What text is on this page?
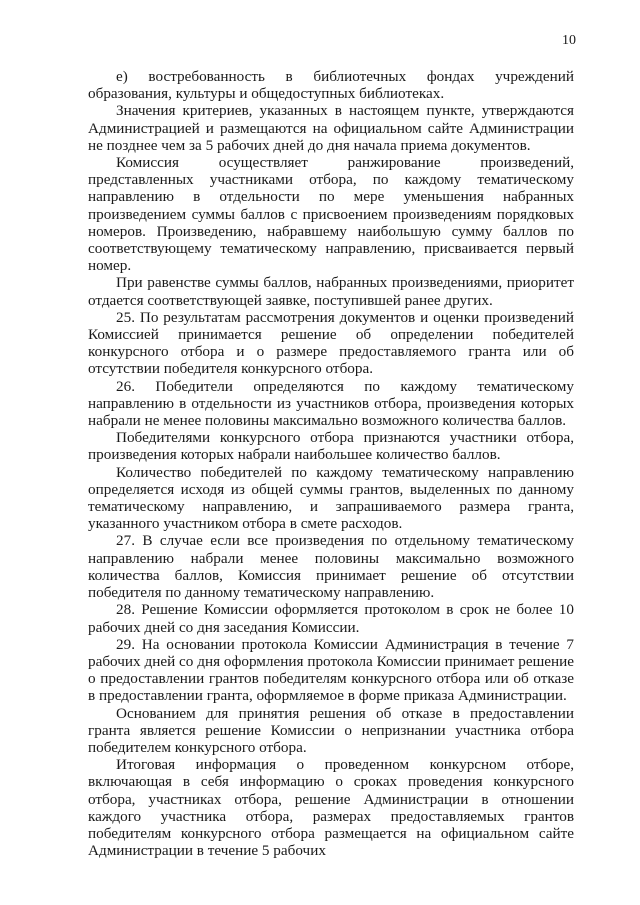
10

е) востребованность в библиотечных фондах учреждений образования, культуры и общедоступных библиотеках.

Значения критериев, указанных в настоящем пункте, утверждаются Администрацией и размещаются на официальном сайте Администрации не позднее чем за 5 рабочих дней до дня начала приема документов.

Комиссия осуществляет ранжирование произведений, представленных участниками отбора, по каждому тематическому направлению в отдельности по мере уменьшения набранных произведением суммы баллов с присвоением произведениям порядковых номеров. Произведению, набравшему наибольшую сумму баллов по соответствующему тематическому направлению, присваивается первый номер.

При равенстве суммы баллов, набранных произведениями, приоритет отдается соответствующей заявке, поступившей ранее других.

25. По результатам рассмотрения документов и оценки произведений Комиссией принимается решение об определении победителей конкурсного отбора и о размере предоставляемого гранта или об отсутствии победителя конкурсного отбора.

26. Победители определяются по каждому тематическому направлению в отдельности из участников отбора, произведения которых набрали не менее половины максимально возможного количества баллов.

Победителями конкурсного отбора признаются участники отбора, произведения которых набрали наибольшее количество баллов.

Количество победителей по каждому тематическому направлению определяется исходя из общей суммы грантов, выделенных по данному тематическому направлению, и запрашиваемого размера гранта, указанного участником отбора в смете расходов.

27. В случае если все произведения по отдельному тематическому направлению набрали менее половины максимально возможного количества баллов, Комиссия принимает решение об отсутствии победителя по данному тематическому направлению.

28. Решение Комиссии оформляется протоколом в срок не более 10 рабочих дней со дня заседания Комиссии.

29. На основании протокола Комиссии Администрация в течение 7 рабочих дней со дня оформления протокола Комиссии принимает решение о предоставлении грантов победителям конкурсного отбора или об отказе в предоставлении гранта, оформляемое в форме приказа Администрации.

Основанием для принятия решения об отказе в предоставлении гранта является решение Комиссии о непризнании участника отбора победителем конкурсного отбора.

Итоговая информация о проведенном конкурсном отборе, включающая в себя информацию о сроках проведения конкурсного отбора, участниках отбора, решение Администрации в отношении каждого участника отбора, размерах предоставляемых грантов победителям конкурсного отбора размещается на официальном сайте Администрации в течение 5 рабочих
